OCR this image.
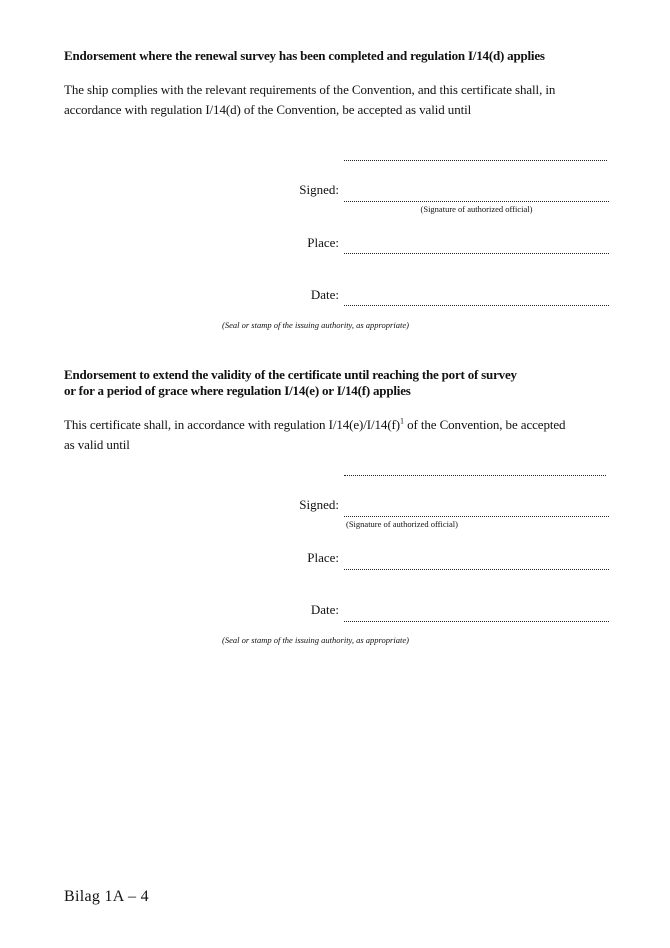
Endorsement where the renewal survey has been completed and regulation I/14(d) applies
The ship complies with the relevant requirements of the Convention, and this certificate shall, in
accordance with regulation I/14(d) of the Convention, be accepted as valid until
Signed:
(Signature of authorized official)
Place:
Date:
(Seal or stamp of the issuing authority, as appropriate)
Endorsement to extend the validity of the certificate until reaching the port of survey
or for a period of grace where regulation I/14(e) or I/14(f) applies
This certificate shall, in accordance with regulation $I/14(e)/I/14(f)^1$ of the Convention, be accepted
as valid until
Signed:
(Signature of authorized official)
Place:
Date:
(Seal or stamp of the issuing authority, as appropriate)
Bilag 1A – 4
